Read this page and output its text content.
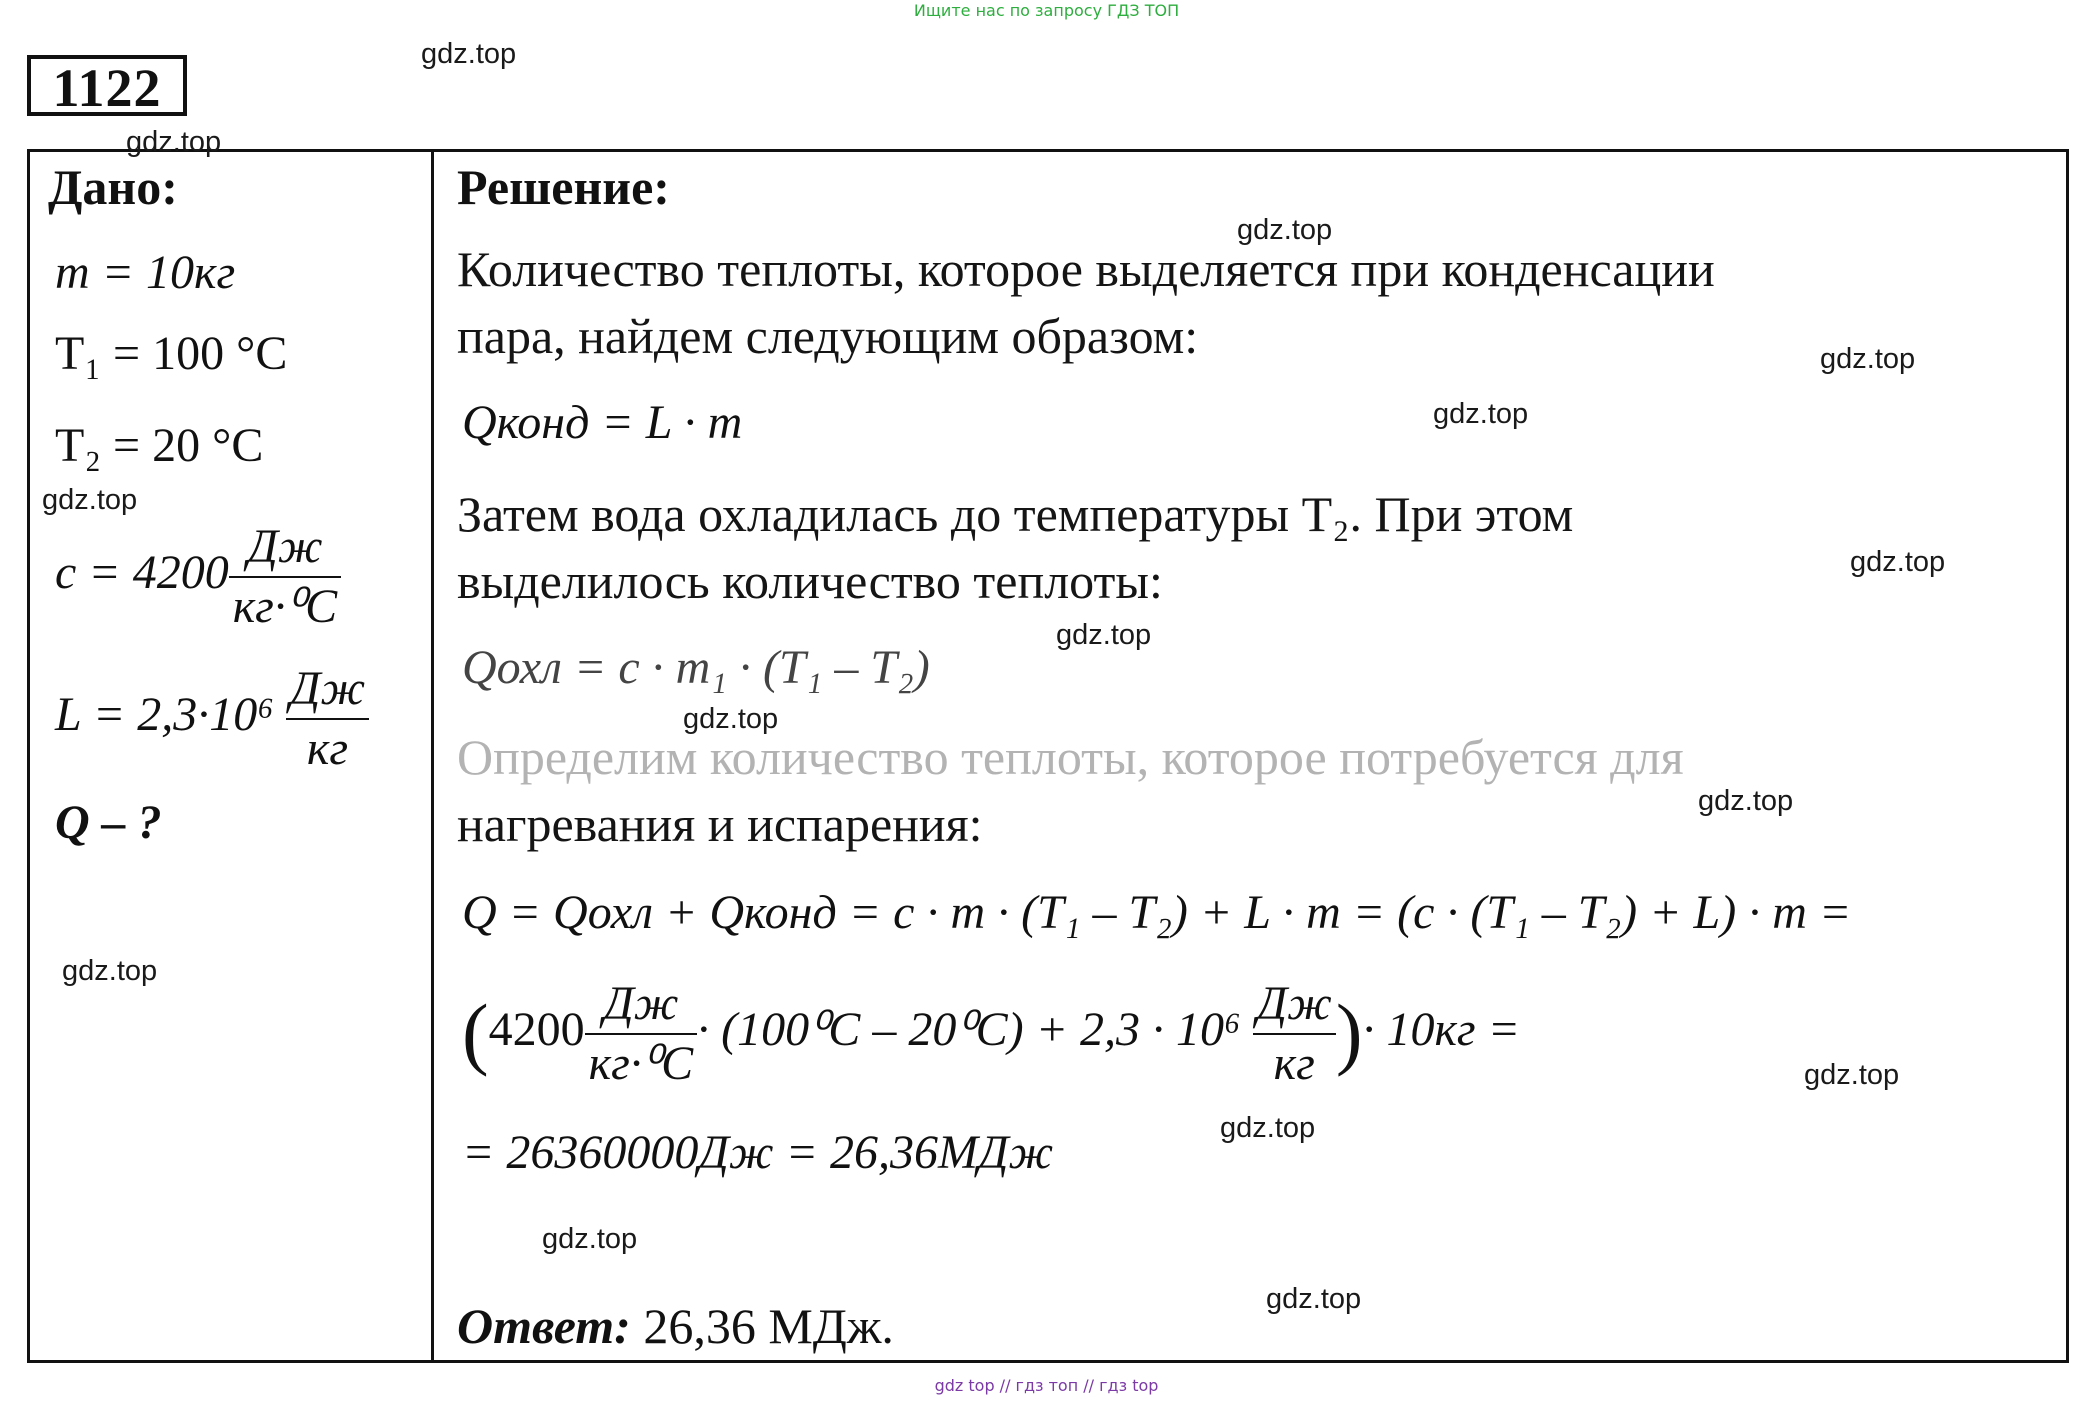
Ищите нас по запросу ГДЗ ТОП
1122
Дано:
m = 10кг
T₁ = 100 °C
T₂ = 20 °C
$c = 4200 \frac{Дж}{\text{кг·⁰C}}$
$L = 2,3\cdot 10^6 \frac{Дж}{кг}$
Q – ?
Решение:
Количество теплоты, которое выделяется при конденсации
пара, найдем следующим образом:
Qконд = L · m
Затем вода охладилась до температуры T₂. При этом
выделилось количество теплоты:
Qохл = c · m₁ · (T₁ – T₂)
Определим количество теплоты, которое потребуется для
нагревания и испарения:
Q = Qохл + Qконд = c · m · (T₁ – T₂) + L · m = (c · (T₁ – T₂) + L) · m =
($4200 \frac{Дж}{\text{кг·⁰C}} \cdot (100^0C - 20^0C) + 2,3 \cdot 10^6 \frac{Дж}{кг}$ )· 10кг =
= 26360000Дж = 26,36МДж
Ответ: 26,36 МДж.
gdz.top
gdz.top
gdz.top
gdz.top
gdz.top
gdz.top
gdz.top
gdz.top
gdz.top
gdz.top
gdz.top
gdz.top
gdz.top
gdz.top
gdz.top
gdz top // гдз топ // гдз top
